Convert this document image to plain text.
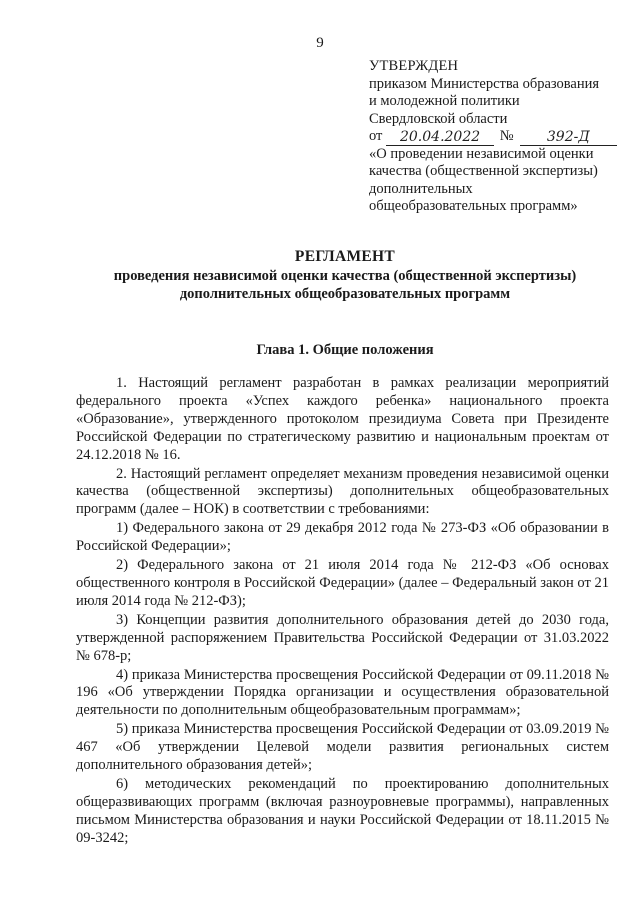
9
УТВЕРЖДЕН
приказом Министерства образования
и молодежной политики
Свердловской области
от	20.04.2022	№	392-Д
«О проведении независимой оценки
качества (общественной экспертизы)
дополнительных
общеобразовательных программ»
РЕГЛАМЕНТ
проведения независимой оценки качества (общественной экспертизы)
дополнительных общеобразовательных программ
Глава 1. Общие положения

1. Настоящий регламент разработан в рамках реализации мероприятий федерального проекта «Успех каждого ребенка» национального проекта «Образование», утвержденного протоколом президиума Совета при Президенте Российской Федерации по стратегическому развитию и национальным проектам от 24.12.2018 № 16.

2. Настоящий регламент определяет механизм проведения независимой оценки качества (общественной экспертизы) дополнительных общеобразовательных программ (далее – НОК) в соответствии с требованиями:

1) Федерального закона от 29 декабря 2012 года № 273-ФЗ «Об образовании в Российской Федерации»;

2) Федерального закона от 21 июля 2014 года № 212-ФЗ «Об основах общественного контроля в Российской Федерации» (далее – Федеральный закон от 21 июля 2014 года № 212-ФЗ);

3) Концепции развития дополнительного образования детей до 2030 года, утвержденной распоряжением Правительства Российской Федерации от 31.03.2022 № 678-р;

4) приказа Министерства просвещения Российской Федерации от 09.11.2018 № 196 «Об утверждении Порядка организации и осуществления образовательной деятельности по дополнительным общеобразовательным программам»;

5) приказа Министерства просвещения Российской Федерации от 03.09.2019 № 467 «Об утверждении Целевой модели развития региональных систем дополнительного образования детей»;

6) методических рекомендаций по проектированию дополнительных общеразвивающих программ (включая разноуровневые программы), направленных письмом Министерства образования и науки Российской Федерации от 18.11.2015 № 09-3242;
